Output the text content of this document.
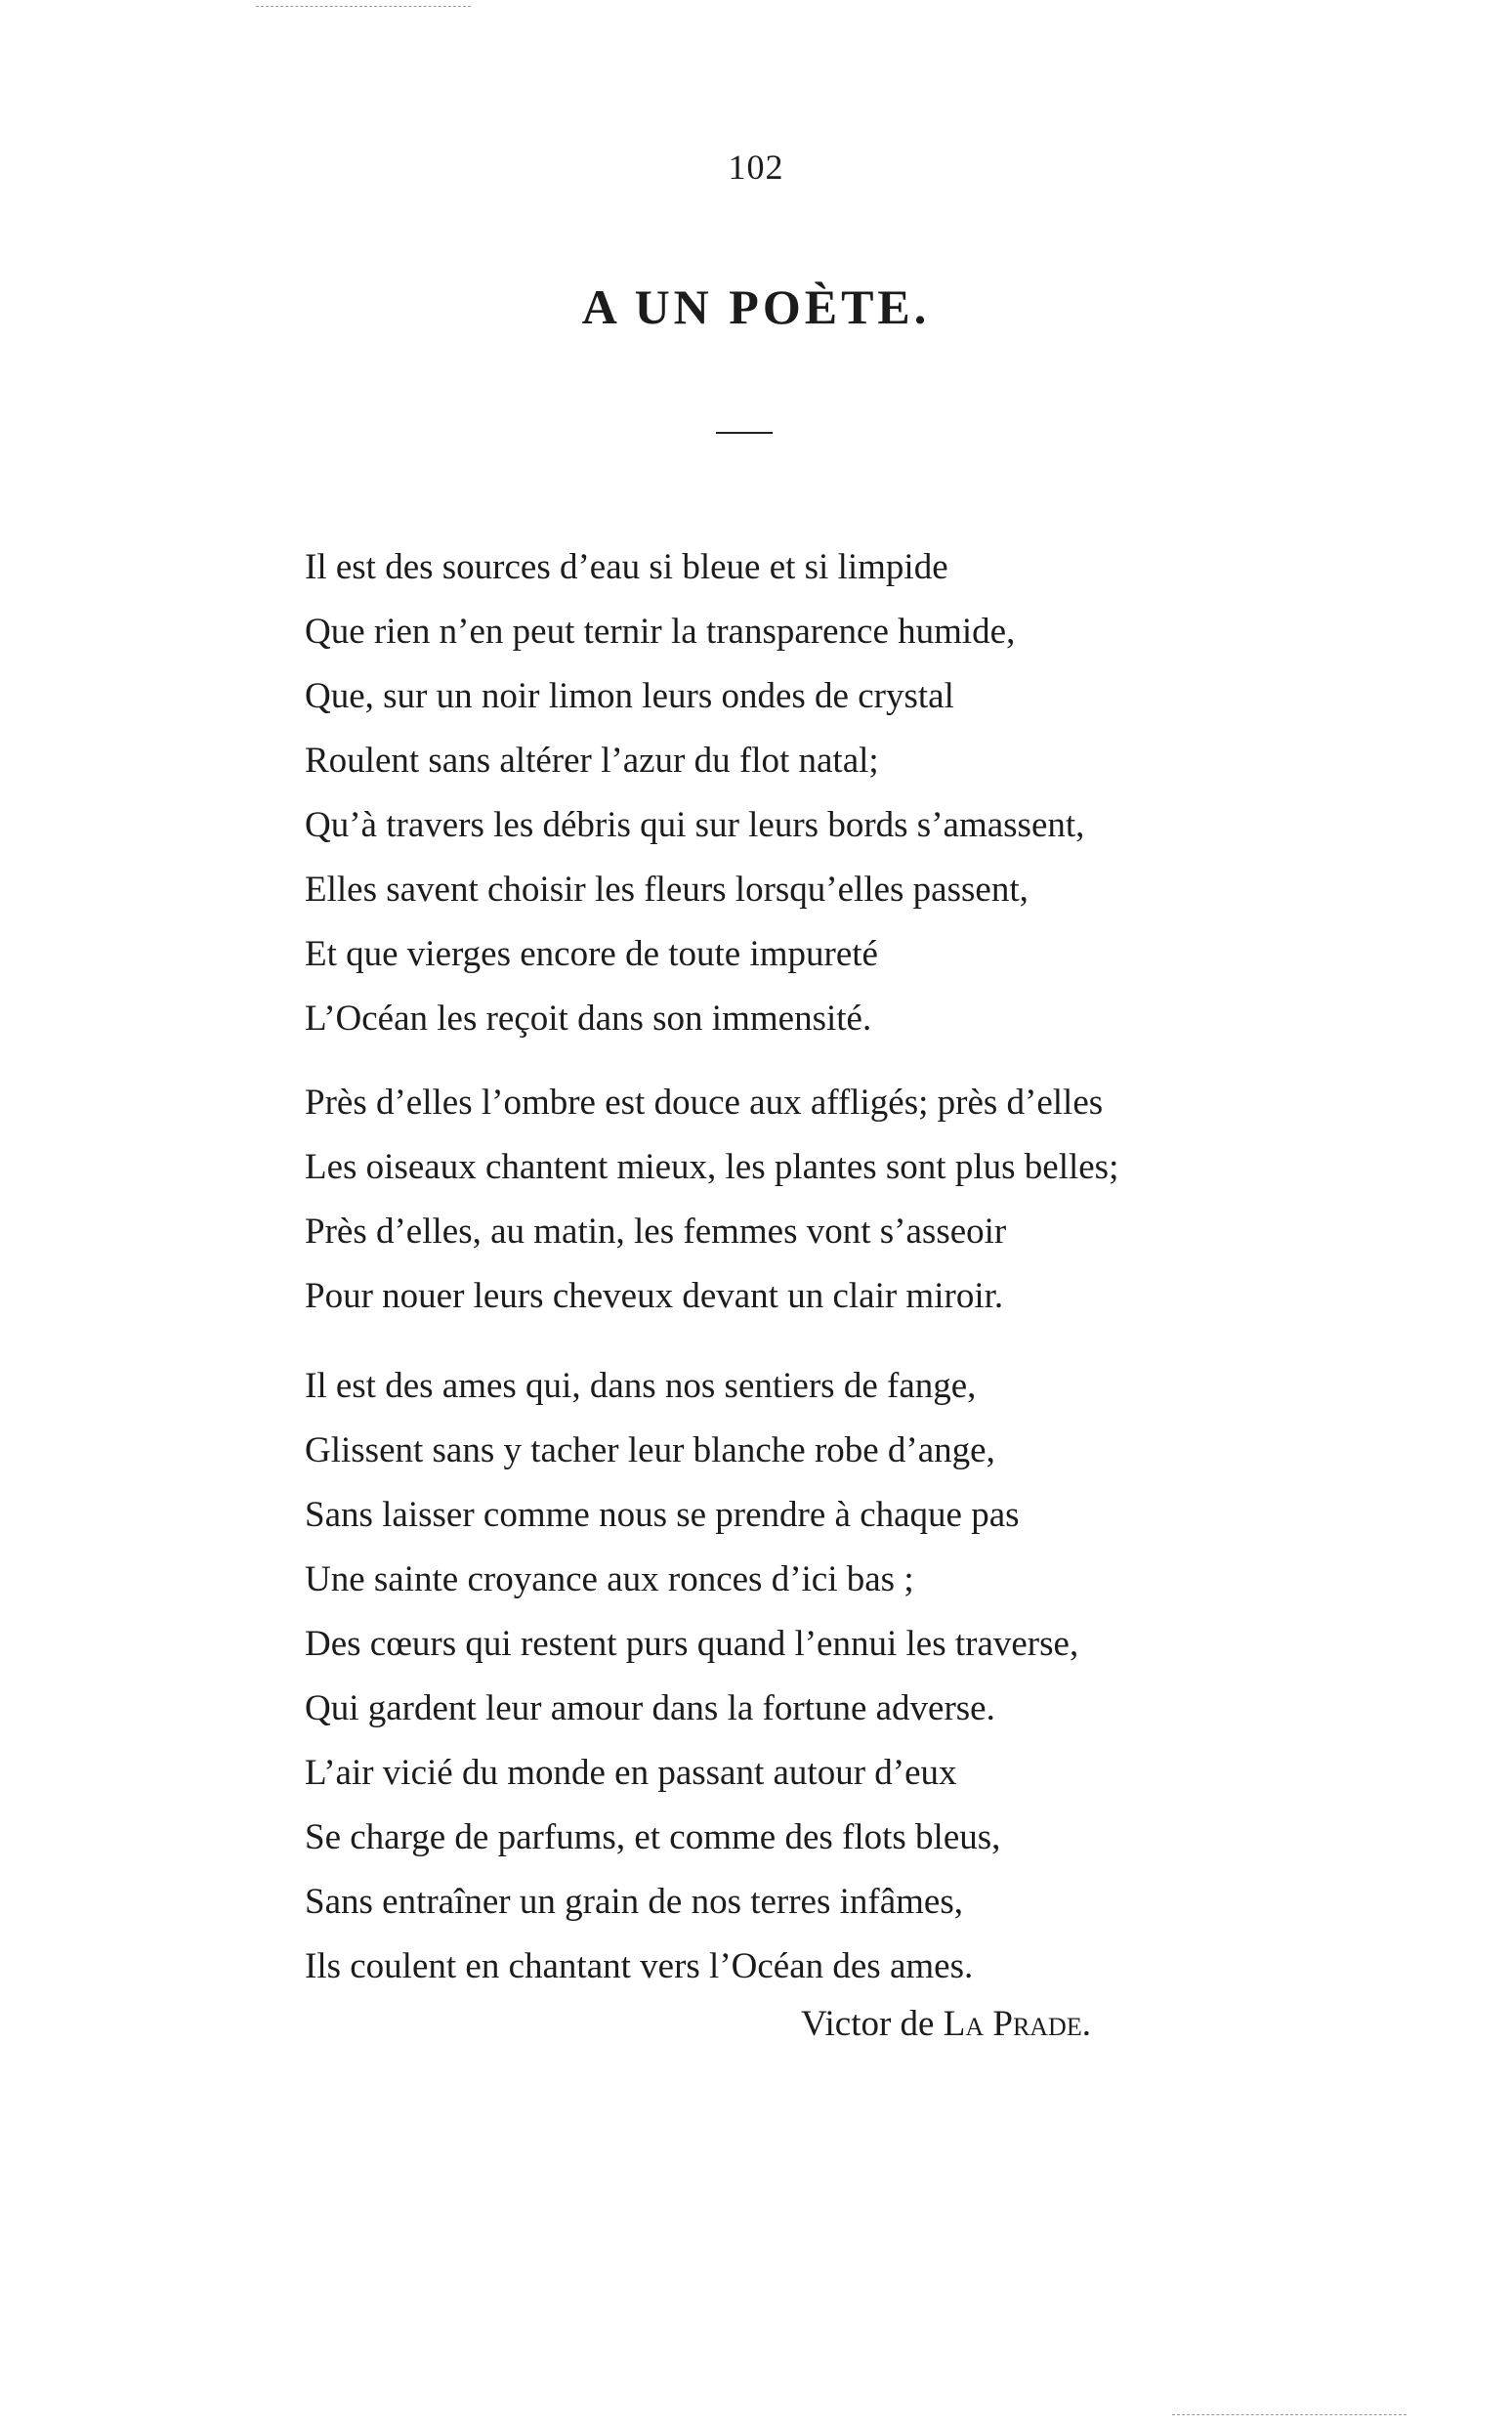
102
A UN POÈTE.
Il est des sources d’eau si bleue et si limpide
Que rien n’en peut ternir la transparence humide,
Que, sur un noir limon leurs ondes de crystal
Roulent sans altérer l’azur du flot natal;
Qu’à travers les débris qui sur leurs bords s’amassent,
Elles savent choisir les fleurs lorsqu’elles passent,
Et que vierges encore de toute impureté
L’Océan les reçoit dans son immensité.
Près d’elles l’ombre est douce aux affligés; près d’elles
Les oiseaux chantent mieux, les plantes sont plus belles;
Près d’elles, au matin, les femmes vont s’asseoir
Pour nouer leurs cheveux devant un clair miroir.
Il est des ames qui, dans nos sentiers de fange,
Glissent sans y tacher leur blanche robe d’ange,
Sans laisser comme nous se prendre à chaque pas
Une sainte croyance aux ronces d’ici bas ;
Des cœurs qui restent purs quand l’ennui les traverse,
Qui gardent leur amour dans la fortune adverse.
L’air vicié du monde en passant autour d’eux
Se charge de parfums, et comme des flots bleus,
Sans entraîner un grain de nos terres infâmes,
Ils coulent en chantant vers l’Océan des ames.
Victor de La Prade.
